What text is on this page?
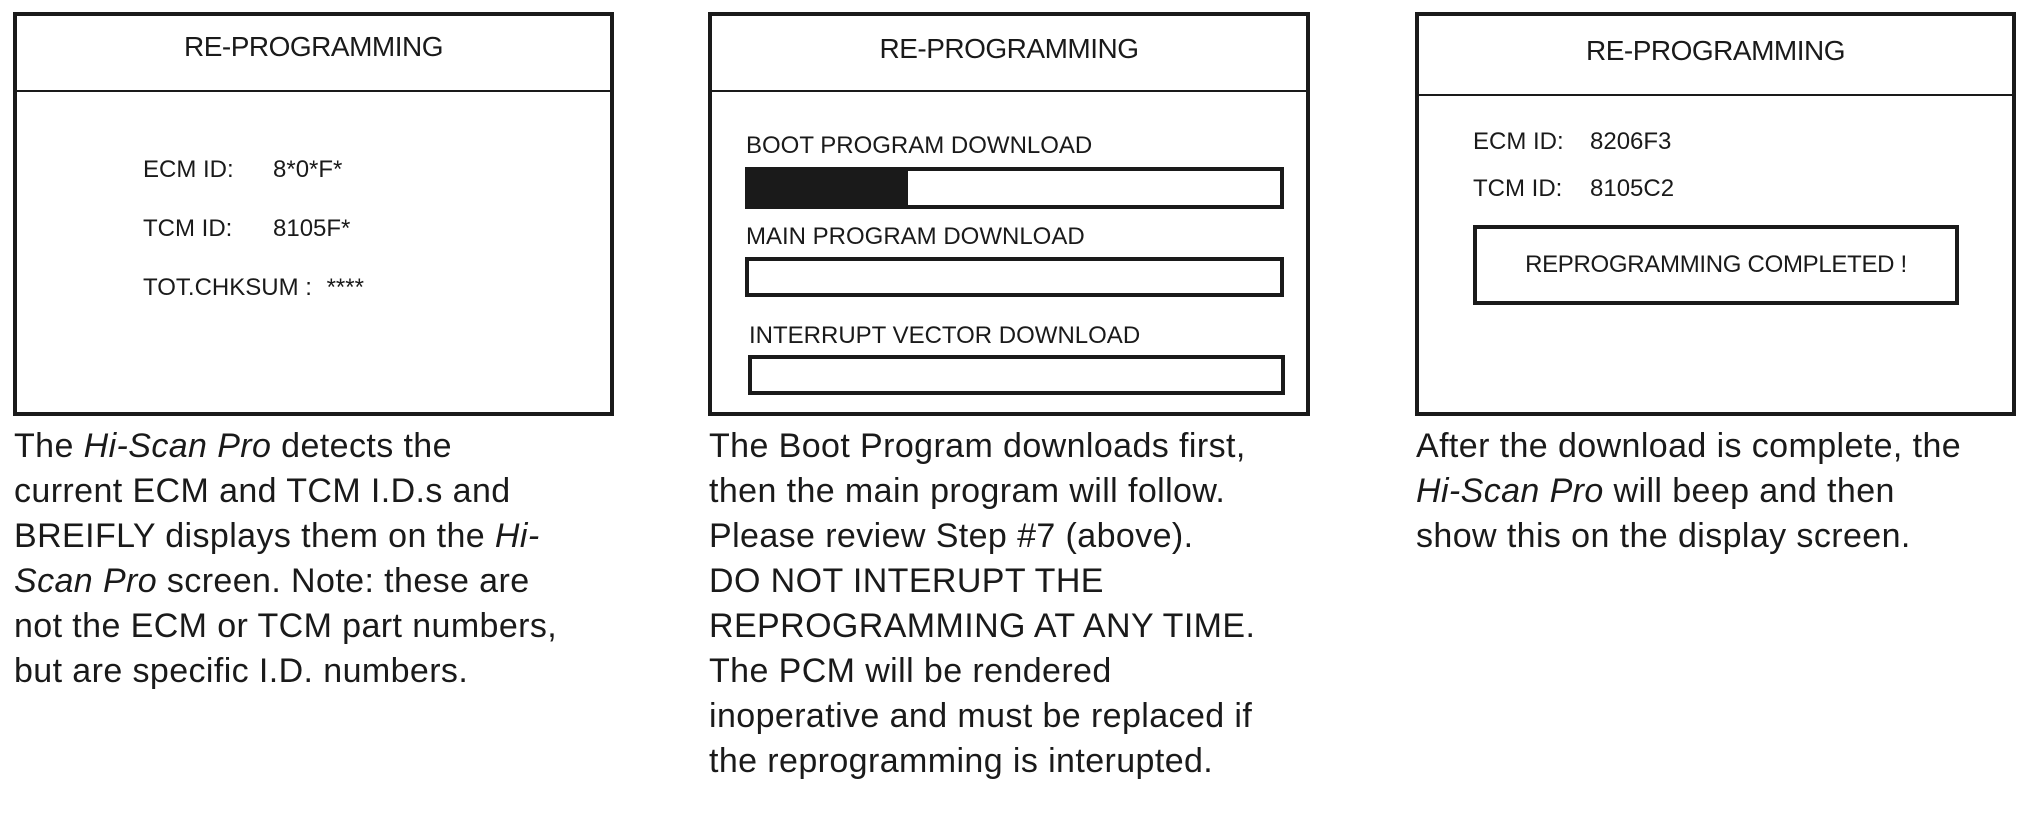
RE-PROGRAMMING
ECM ID: 8*0*F*
TCM ID: 8105F*
TOT.CHKSUM : ****

The Hi-Scan Pro detects the

current ECM and TCM I.D.s and

BREIFLY displays them on the Hi-

Scan Pro screen. Note: these are

not the ECM or TCM part numbers,

but are specific I.D. numbers.

RE-PROGRAMMING
BOOT PROGRAM DOWNLOAD
MAIN PROGRAM DOWNLOAD
INTERRUPT VECTOR DOWNLOAD

The Boot Program downloads first,

then the main program will follow.

Please review Step #7 (above).

DO NOT INTERUPT THE

REPROGRAMMING AT ANY TIME.

The PCM will be rendered

inoperative and must be replaced if

the reprogramming is interupted.

RE-PROGRAMMING
ECM ID: 8206F3
TCM ID: 8105C2
REPROGRAMMING COMPLETED !

After the download is complete, the

Hi-Scan Pro will beep and then

show this on the display screen.
